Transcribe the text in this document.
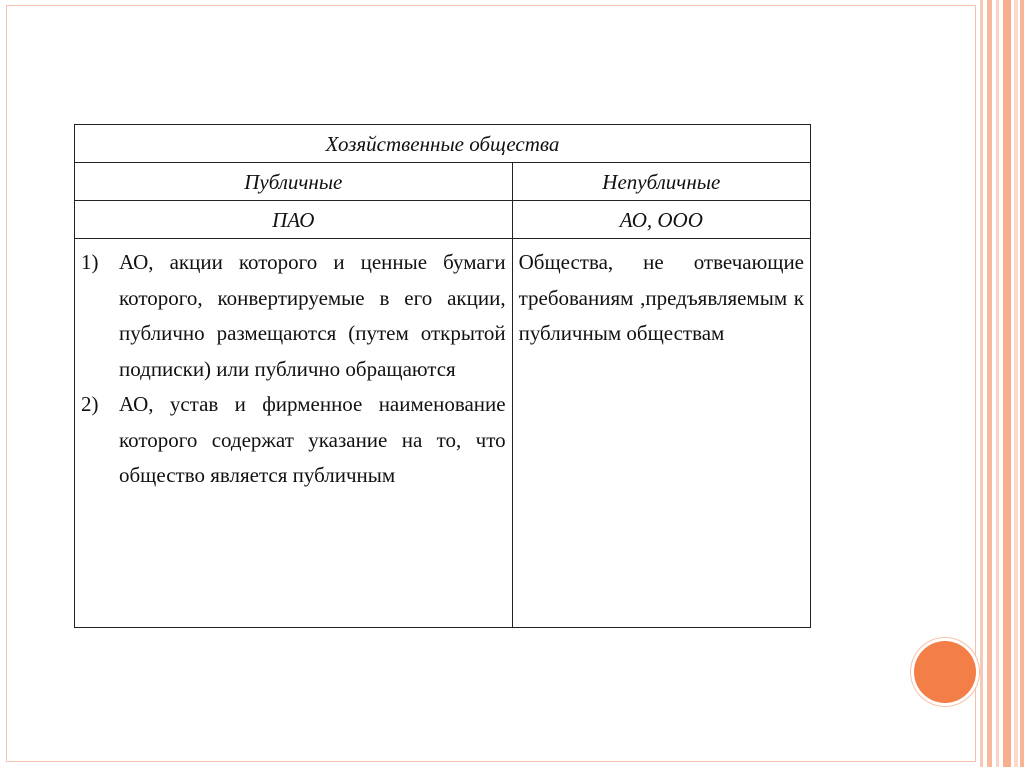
Хозяйственные общества	
Публичные	Непубличные
ПАО	АО, ООО

1) АО, акции которого и ценные бумаги которого, конвертируемые в его акции, публично размещаются (путем открытой подписки) или публично обращаются
2) АО, устав и фирменное наименование которого содержат указание на то, что общество является публичным	Общества, не отвечающие требованиям ,предъявляемым к публичным обществам
